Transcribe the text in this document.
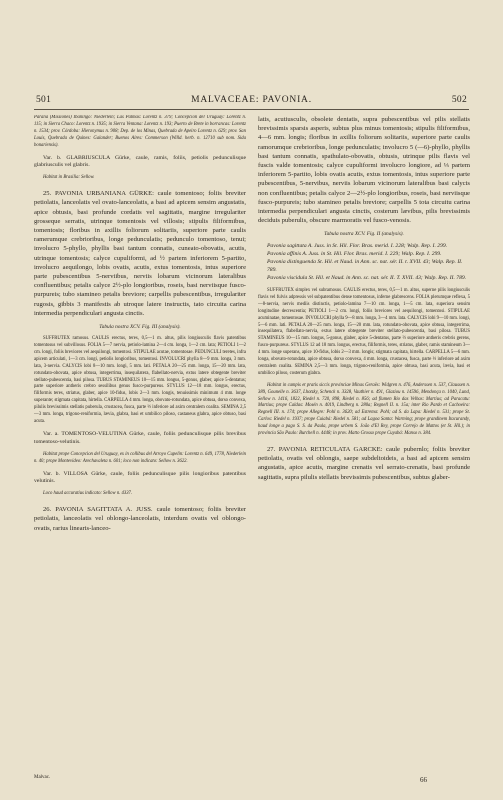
501	MALVACEAE: PAVONIA.	502

Paraná (Missiones) Ibaningo: Niederlein; Las Palmas: Lorentz n. 379; Concepcion del Uruguay: Lorentz n. 115; in Sierra Chaco: Lorentz n. 1935; in Sierra Ventana: Lorentz n. 193; Puerto de Brete in borrancas: Lorentz n. 1534; prov. Córdoba: Hieronymus n. 908; Dep. de los Minas, Quebrada de Apeiro Lorentz n. 629; prov. San Louis, Quebrada de Quines: Galander; Buenos Aires: Commerson (Willd. herb. n. 12710 sub nom. Sida bonariensis).

Var. b. GLABRIUSCULA Gürke, caule, ramis, foliis, petiolis pedunculisque glabriusculis vel glabris.

Habitat in Brasilia: Sellow.

25. PAVONIA URBANIANA GÜRKE: caule tomentoso; foliis breviter petiolatis, lanceolatis vel ovato-lanceolatis, a basi ad apicem sensim angustatis, apice obtusis, basi profunde cordatis vel sagittatis, margine irregulariter grosseque serratis, utrinque tomentosis vel villosis; stipulis filiformibus, tomentosis; floribus in axillis foliorum solitariis, superiore parte caulis ramerumque crebrioribus, longe pedunculatis; pedunculo tomentoso, tenui; involucro 5-phyllo, phyllis basi tantum connatis, cuneato-obovatis, acutis, utrinque tomentosis; calyce cupuliformi, ad ½ partem inferiorem 5-partito, involucro aequilongo, lobis ovatis, acutis, extus tomentosis, intus superiore parte pubescentibus 5-nerviibus, nerviis lobarum vicinorum lateralibus confluentibus; petalis calyce 2½-plo longioribus, roseis, basi nerviisque fusco-purpureis; tubo stamineo petalis breviore; carpellis pubescentibus, irregulariter rugosis, gibbis 3 manifestis ab utroque latere instructis, tato circuita carina intermedia perpendiculari angusta cinctis.

Tabula nostra XCV. Fig. III (analysis).

SUFFRUTEX ramosus. CAULIS erectus, teres, 0,5—1 m. altus, pilis longiusculis flavis patentibus tomentosus vel subvillosus. FOLIA 5—7 nervia, petiolo-lamina 2—4 cm. longa, 1—2 cm. lata; PETIOLI 1—2 cm. longi, foliis breviores vel aequilongi, tomentosi. STIPULAE acutae, tomentosae. PEDUNCULI teretes, infra apicem articulati, 1—3 cm. longi, petiolis longioribus, tomentosi. INVOLUCRI phylla 8—9 mm. longa, 3 mm. lata, 3-nervia. CALYCIS lobi 8—10 mm. longi, 5 mm. lati. PETALA 20—25 mm. longa, 15—20 mm. lata, rotundato-obovata, apice obtusa, integerrima, insequilatera, flabellato-nervia, extus latere obtegente breviter stellato-pubescentia, basi pilosa. TUBUS STAMINEUS 10—15 mm. longus, 5-gonus, glaber, apice 5-dentatus; parte superiore antheris crebro sessilibus genus fusco-purpureus. STYLUS 12—18 mm. longus, erectus, filiformis teres, striatus, glaber, apice 10-fidus, lobis 2—3 mm. longis, tenuissimis minimum 4 mm. longe superante; stigmata capitata, hirtella. CARPELLA 4 mm. longa, obovato-rotundata, apice obtusa, dorso convexa, pilulis brevissimis stellatis puberula, crustacea, fusca, parte ⅓ inferiore ad axim centralem coalita. SEMINA 2,5—3 mm. longa, trigono-reniformia, lævia, glabra, basi et umbilico piloso, castaneus glabra, apice obtuso, basi acuta.

Var. a. TOMENTOSO-VELUTINA Gürke, caule, foliis pedunculisque pilis brevibus tomentoso-velutinis.

Habitat prope Concepcion del Uruguay, ex in collibus del Arroyo Cupelin: Lorentz n. 649, 1778, Niederlein n. 40; prope Montevideo: Arechavaleta n. 601; loco non indicato: Sellow n. 3622.

Var. b. VILLOSA Gürke, caule, foliis pedunculisque pilis longioribus patentibus velutinis.

Loco haud accuratius indicato: Sellow n. 4337.

26. PAVONIA SAGITTATA A. JUSS. caule tomentoso; foliis breviter petiolatis, lanceolatis vel oblongo-lanceolatis, interdum ovatis vel oblongo-ovatis, rarius linearis-lanceo-

latis, acutiusculis, obsolete dentatis, supra pubescentibus vel pilis stellatis brevissimis sparsis asperis, subtus plus minus tomentosis; stipulis filiformibus, 4—6 mm. longis; floribus in axillis foliorum solitariis, superiore parte caulis ramorumque crebrioribus, longe pedunculatis; involucro 5 (—6)-phyllo, phyllis basi tantum connatis, spathulato-obovatis, obtusis, utrinque pilis flavis vel fuscis valde tomentosis; calyce cupuliformi involucro longiore, ad ⅓ partem inferiorem 5-partito, lobis ovatis acutis, extus tomentosis, intus superiore parte pubescentibus, 5-nervibus, nerviis lobarum vicinorum lateralibus basi calycis non confluentibus; petalis calyce 2—2½-plo longioribus, roseis, basi nerviisque fusco-purpureis; tubo stamineo petalis breviore; carpellis 5 tota circuitu carina intermedia perpendiculari angusta cinctis, costerum lævibus, pilis brevissimis deciduis puberulis, obscure marmoratis vel fusco-venosis.

Tabula nostra XCV. Fig. II (analysis).

Pavonia sagittata A. Juss. in St. Hil. Flor. Bras. merid. I. 228; Walp. Rep. I. 299.

Pavonia affinis A. Juss. in St. Hil. Flor. Bras. merid. I. 229; Walp. Rep. I. 299.

Pavonia distinguenda St. Hil. et Naud. in Ann. sc. nat. sér. II. t. XVII. 43; Walp. Rep. II. 789.

Pavonia viscidula St. Hil. et Naud. in Ann. sc. nat. sér. II. T. XVII. 43; Walp. Rep. II. 789.

SUFFRUTEX simplex vel subramosus. CAULIS erectus, teres, 0,5—1 m. altus, superne pilis longiusculis flavis vel fulvis adpressis vel subpatentibus dense tomentosus, inferne glabrescens. FOLIA plerumque reflexa, 5—8-nervia, nervis mediis distinctis, petiolo-lamina 7—10 cm. longa, 1—5 cm. lata, superiora sensim longitudine decrescentia; PETIOLI 1—2 cm. longi, foliis breviores vel aequilongi, tomentosi. STIPULAE acuminatae, tomentosae. INVOLUCRI phylla 9—8 mm. longa, 3—4 mm. lata. CALYCIS lobi 9—10 mm. longi, 5—6 mm. lati. PETALA 20—25 mm. longa, 15—20 mm. lata, rotundato-obovata, apice obtusa, integerrima, insequilatera, flabellato-nervia, extus latere obtegente breviter stellato-pubescentia, basi pilosa. TUBUS STAMINEUS 10—15 mm. longus, 5-gonus, glaber, apice 5-dentatus, parte ⅔ superiore antheris crebris gerens, fusco-purpureus. STYLUS 12 ad 18 mm. longus, erectus, filiformis, teres, striatus, glaber, ramis stamineum 3—4 mm. longe superans, apice 10-fidus, lobis 2—3 mm. longis; stigmata capitata, hirtella. CARPELLA 5—6 mm. longa, obovato-rotundata, apice obtusa, dorso convexa, 4 mm. longa, crustacea, fusca, parte ⅓ inferiore ad axim centralem coalita. SEMINA 2,5—3 mm. longa, trigono-reniformia, apice obtusa, basi acuta, lævia, basi et umbilico piloso, costerum glabra.

Habitat in campis et pratis siccis provinciae Minas Geraës: Widgren n. 476, Anderssen n. 537, Claussen n. 389, Gounelle n. 3637, Lhotzky, Schenck n. 3328, Vauthier n. 491, Glaziou n. 14596, Mendonça n. 1040, Lund, Sellow n. 1416, 1822, Riedel n. 720, 898, Riedel n. 856; ad flumen Rio das Velhas: Martius; ad Paracatu: Martius; prope Caldas: Mosén n. 4019, Lindberg n. 280a; Regnell II. n. 15a; inter Rio Pardo et Cachoeira: Regnell III. n. 174; prope Allegre: Pohl n. 3620; ad Estrema: Pohl; ad S. da Lapa: Riedel n. 531; prope St. Carlos: Riedel n. 1937; prope Cuiabá: Riedel n. 581; ad Lagoa Santa: Warming; prope grandinem Itacurandy, haud longe a pago S. S. da Paula, prope urbem S. João d'El Rey, prope Correjo de Mattos (et St. Hil.); in provincia São Paulo: Burchell n. 4448; in prov. Matto Grosso prope Cuyabá: Manso n. 384.

27. PAVONIA RETICULATA GARCKE: caule pubernlo; foliis breviter petiolatis, ovatis vel oblongis, saepe subdeltoideis, a basi ad apicem sensim angustatis, apice acutis, margine crenatis vel serrato-crenatis, basi profunde sagittatis, supra pilulis stellatis brevissimis pubescentibus, subtus glaber-

Malvac.	66
